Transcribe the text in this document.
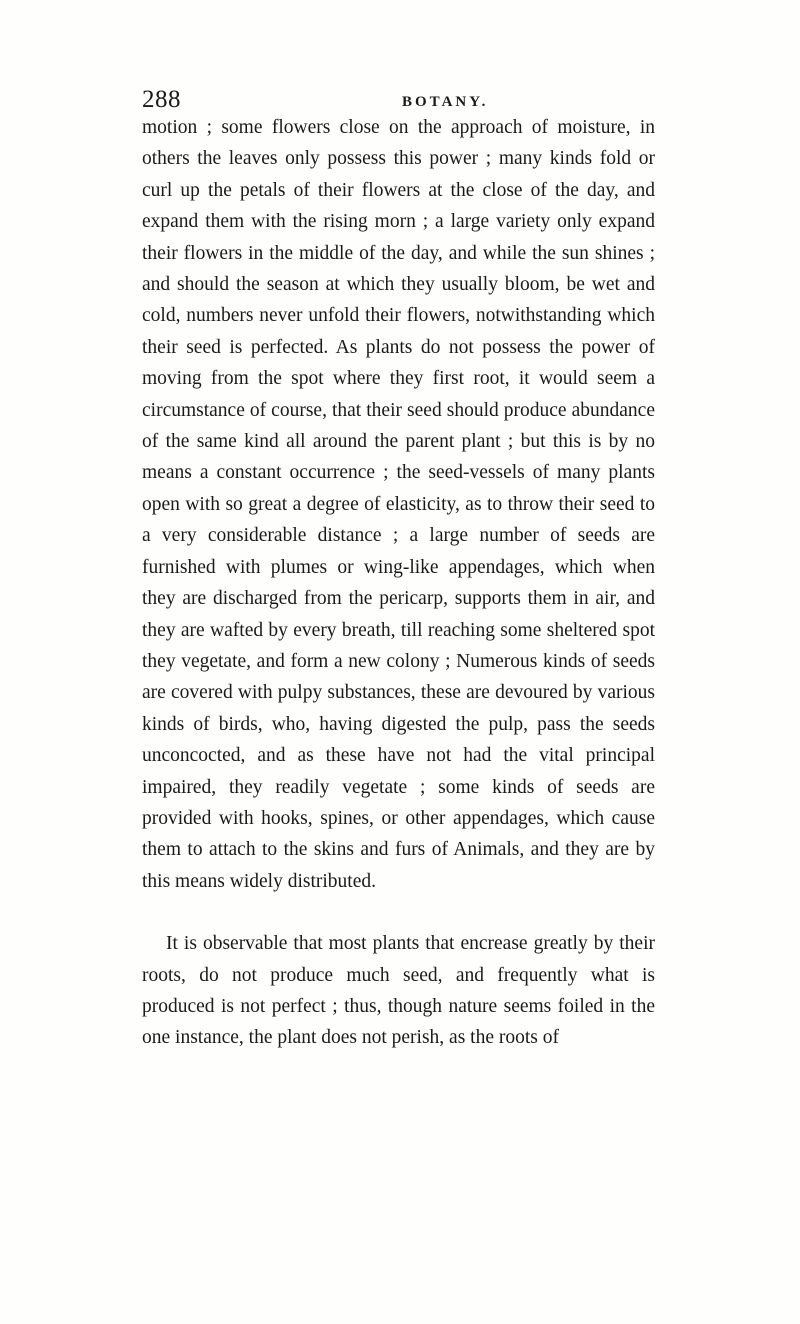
288	BOTANY.

motion ; some flowers close on the approach of moisture, in others the leaves only possess this power ; many kinds fold or curl up the petals of their flowers at the close of the day, and expand them with the rising morn ; a large variety only expand their flowers in the middle of the day, and while the sun shines ; and should the season at which they usually bloom, be wet and cold, numbers never unfold their flowers, notwithstanding which their seed is perfected. As plants do not possess the power of moving from the spot where they first root, it would seem a circumstance of course, that their seed should produce abundance of the same kind all around the parent plant ; but this is by no means a constant occurrence ; the seed-vessels of many plants open with so great a degree of elasticity, as to throw their seed to a very considerable distance ; a large number of seeds are furnished with plumes or wing-like appendages, which when they are discharged from the pericarp, supports them in air, and they are wafted by every breath, till reaching some sheltered spot they vegetate, and form a new colony ; Numerous kinds of seeds are covered with pulpy substances, these are devoured by various kinds of birds, who, having digested the pulp, pass the seeds unconcocted, and as these have not had the vital principal impaired, they readily vegetate ; some kinds of seeds are provided with hooks, spines, or other appendages, which cause them to attach to the skins and furs of Animals, and they are by this means widely distributed.

It is observable that most plants that encrease greatly by their roots, do not produce much seed, and frequently what is produced is not perfect ; thus, though nature seems foiled in the one instance, the plant does not perish, as the roots of
